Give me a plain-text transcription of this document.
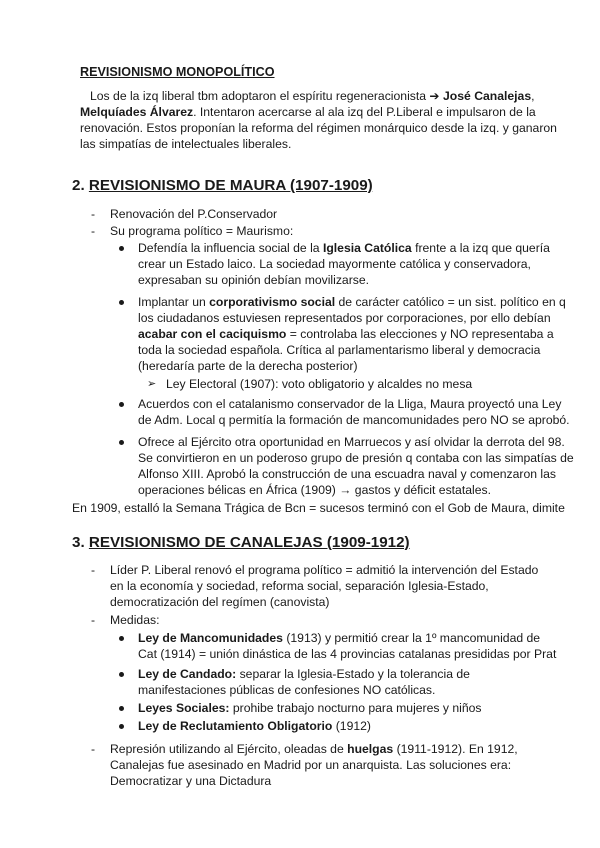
REVISIONISMO MONOPOLÍTICO
Los de la izq liberal tbm adoptaron el espíritu regeneracionista ➔ José Canalejas,
Melquíades Álvarez. Intentaron acercarse al ala izq del P.Liberal e impulsaron de la
renovación. Estos proponían la reforma del régimen monárquico desde la izq. y ganaron
las simpatías de intelectuales liberales.
2. REVISIONISMO DE MAURA (1907-1909)
- Renovación del P.Conservador
- Su programa político = Maurismo:
Defendía la influencia social de la Iglesia Católica frente a la izq que quería
crear un Estado laico. La sociedad mayormente católica y conservadora,
expresaban su opinión debían movilizarse.
Implantar un corporativismo social de carácter católico = un sist. político en q
los ciudadanos estuviesen representados por corporaciones, por ello debían
acabar con el caciquismo = controlaba las elecciones y NO representaba a
toda la sociedad española. Crítica al parlamentarismo liberal y democracia
(heredaría parte de la derecha posterior)
➢ Ley Electoral (1907): voto obligatorio y alcaldes no mesa
Acuerdos con el catalanismo conservador de la Lliga, Maura proyectó una Ley
de Adm. Local q permitía la formación de mancomunidades pero NO se aprobó.
Ofrece al Ejército otra oportunidad en Marruecos y así olvidar la derrota del 98.
Se convirtieron en un poderoso grupo de presión q contaba con las simpatías de
Alfonso XIII. Aprobó la construcción de una escuadra naval y comenzaron las
operaciones bélicas en África (1909) → gastos y déficit estatales.
En 1909, estalló la Semana Trágica de Bcn = sucesos terminó con el Gob de Maura, dimite
3. REVISIONISMO DE CANALEJAS (1909-1912)
- Líder P. Liberal renovó el programa político = admitió la intervención del Estado
en la economía y sociedad, reforma social, separación Iglesia-Estado,
democratización del regímen (canovista)
- Medidas:
Ley de Mancomunidades (1913) y permitió crear la 1º mancomunidad de
Cat (1914) = unión dinástica de las 4 provincias catalanas presididas por Prat
Ley de Candado: separar la Iglesia-Estado y la tolerancia de
manifestaciones públicas de confesiones NO católicas.
Leyes Sociales: prohibe trabajo nocturno para mujeres y niños
Ley de Reclutamiento Obligatorio (1912)
- Represión utilizando al Ejército, oleadas de huelgas (1911-1912). En 1912,
Canalejas fue asesinado en Madrid por un anarquista. Las soluciones era:
Democratizar y una Dictadura
